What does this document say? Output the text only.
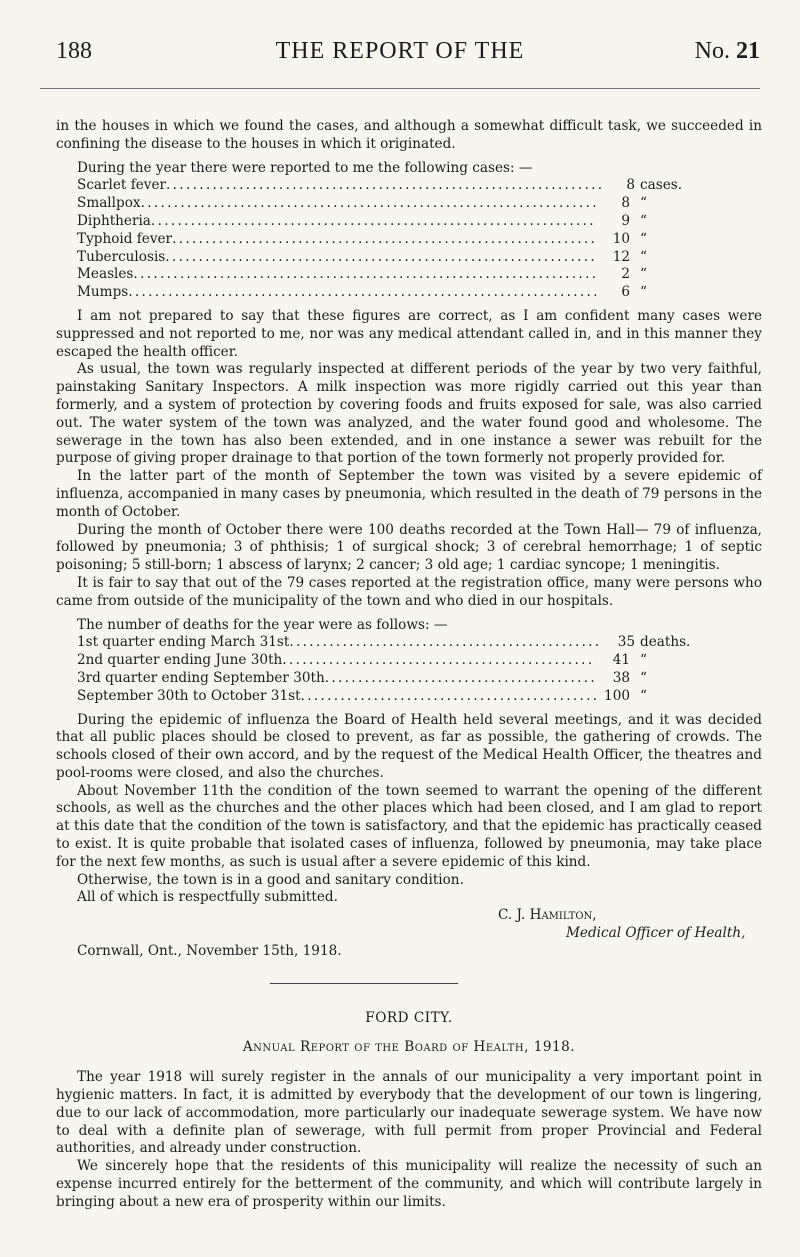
188	THE REPORT OF THE	No. 21

in the houses in which we found the cases, and although a somewhat difficult task, we succeeded in confining the disease to the houses in which it originated.

During the year there were reported to me the following cases: —

Scarlet fever . . .	8 cases.
Smallpox . . .	8 “
Diphtheria . . .	9 “
Typhoid fever . . .	10 “
Tuberculosis . . .	12 “
Measles . . .	2 “
Mumps . . .	6 “

I am not prepared to say that these figures are correct, as I am confident many cases were suppressed and not reported to me, nor was any medical attendant called in, and in this manner they escaped the health officer.

As usual, the town was regularly inspected at different periods of the year by two very faithful, painstaking Sanitary Inspectors. A milk inspection was more rigidly carried out this year than formerly, and a system of protection by covering foods and fruits exposed for sale, was also carried out. The water system of the town was analyzed, and the water found good and wholesome. The sewerage in the town has also been extended, and in one instance a sewer was rebuilt for the purpose of giving proper drainage to that portion of the town formerly not properly provided for.

In the latter part of the month of September the town was visited by a severe epidemic of influenza, accompanied in many cases by pneumonia, which resulted in the death of 79 persons in the month of October.

During the month of October there were 100 deaths recorded at the Town Hall— 79 of influenza, followed by pneumonia; 3 of phthisis; 1 of surgical shock; 3 of cerebral hemorrhage; 1 of septic poisoning; 5 still-born; 1 abscess of larynx; 2 cancer; 3 old age; 1 cardiac syncope; 1 meningitis.

It is fair to say that out of the 79 cases reported at the registration office, many were persons who came from outside of the municipality of the town and who died in our hospitals.

The number of deaths for the year were as follows: —

1st quarter ending March 31st . . .	35 deaths.
2nd quarter ending June 30th . . .	41 “
3rd quarter ending September 30th . . .	38 “
September 30th to October 31st . . .	100 “

During the epidemic of influenza the Board of Health held several meetings, and it was decided that all public places should be closed to prevent, as far as possible, the gathering of crowds. The schools closed of their own accord, and by the request of the Medical Health Officer, the theatres and pool-rooms were closed, and also the churches.

About November 11th the condition of the town seemed to warrant the opening of the different schools, as well as the churches and the other places which had been closed, and I am glad to report at this date that the condition of the town is satisfactory, and that the epidemic has practically ceased to exist. It is quite probable that isolated cases of influenza, followed by pneumonia, may take place for the next few months, as such is usual after a severe epidemic of this kind.

Otherwise, the town is in a good and sanitary condition.

All of which is respectfully submitted.

C. J. Hamilton,
Medical Officer of Health,
Cornwall, Ont., November 15th, 1918.

FORD CITY.

Annual Report of the Board of Health, 1918.

The year 1918 will surely register in the annals of our municipality a very important point in hygienic matters. In fact, it is admitted by everybody that the development of our town is lingering, due to our lack of accommodation, more particularly our inadequate sewerage system. We have now to deal with a definite plan of sewerage, with full permit from proper Provincial and Federal authorities, and already under construction.

We sincerely hope that the residents of this municipality will realize the necessity of such an expense incurred entirely for the betterment of the community, and which will contribute largely in bringing about a new era of prosperity within our limits.
